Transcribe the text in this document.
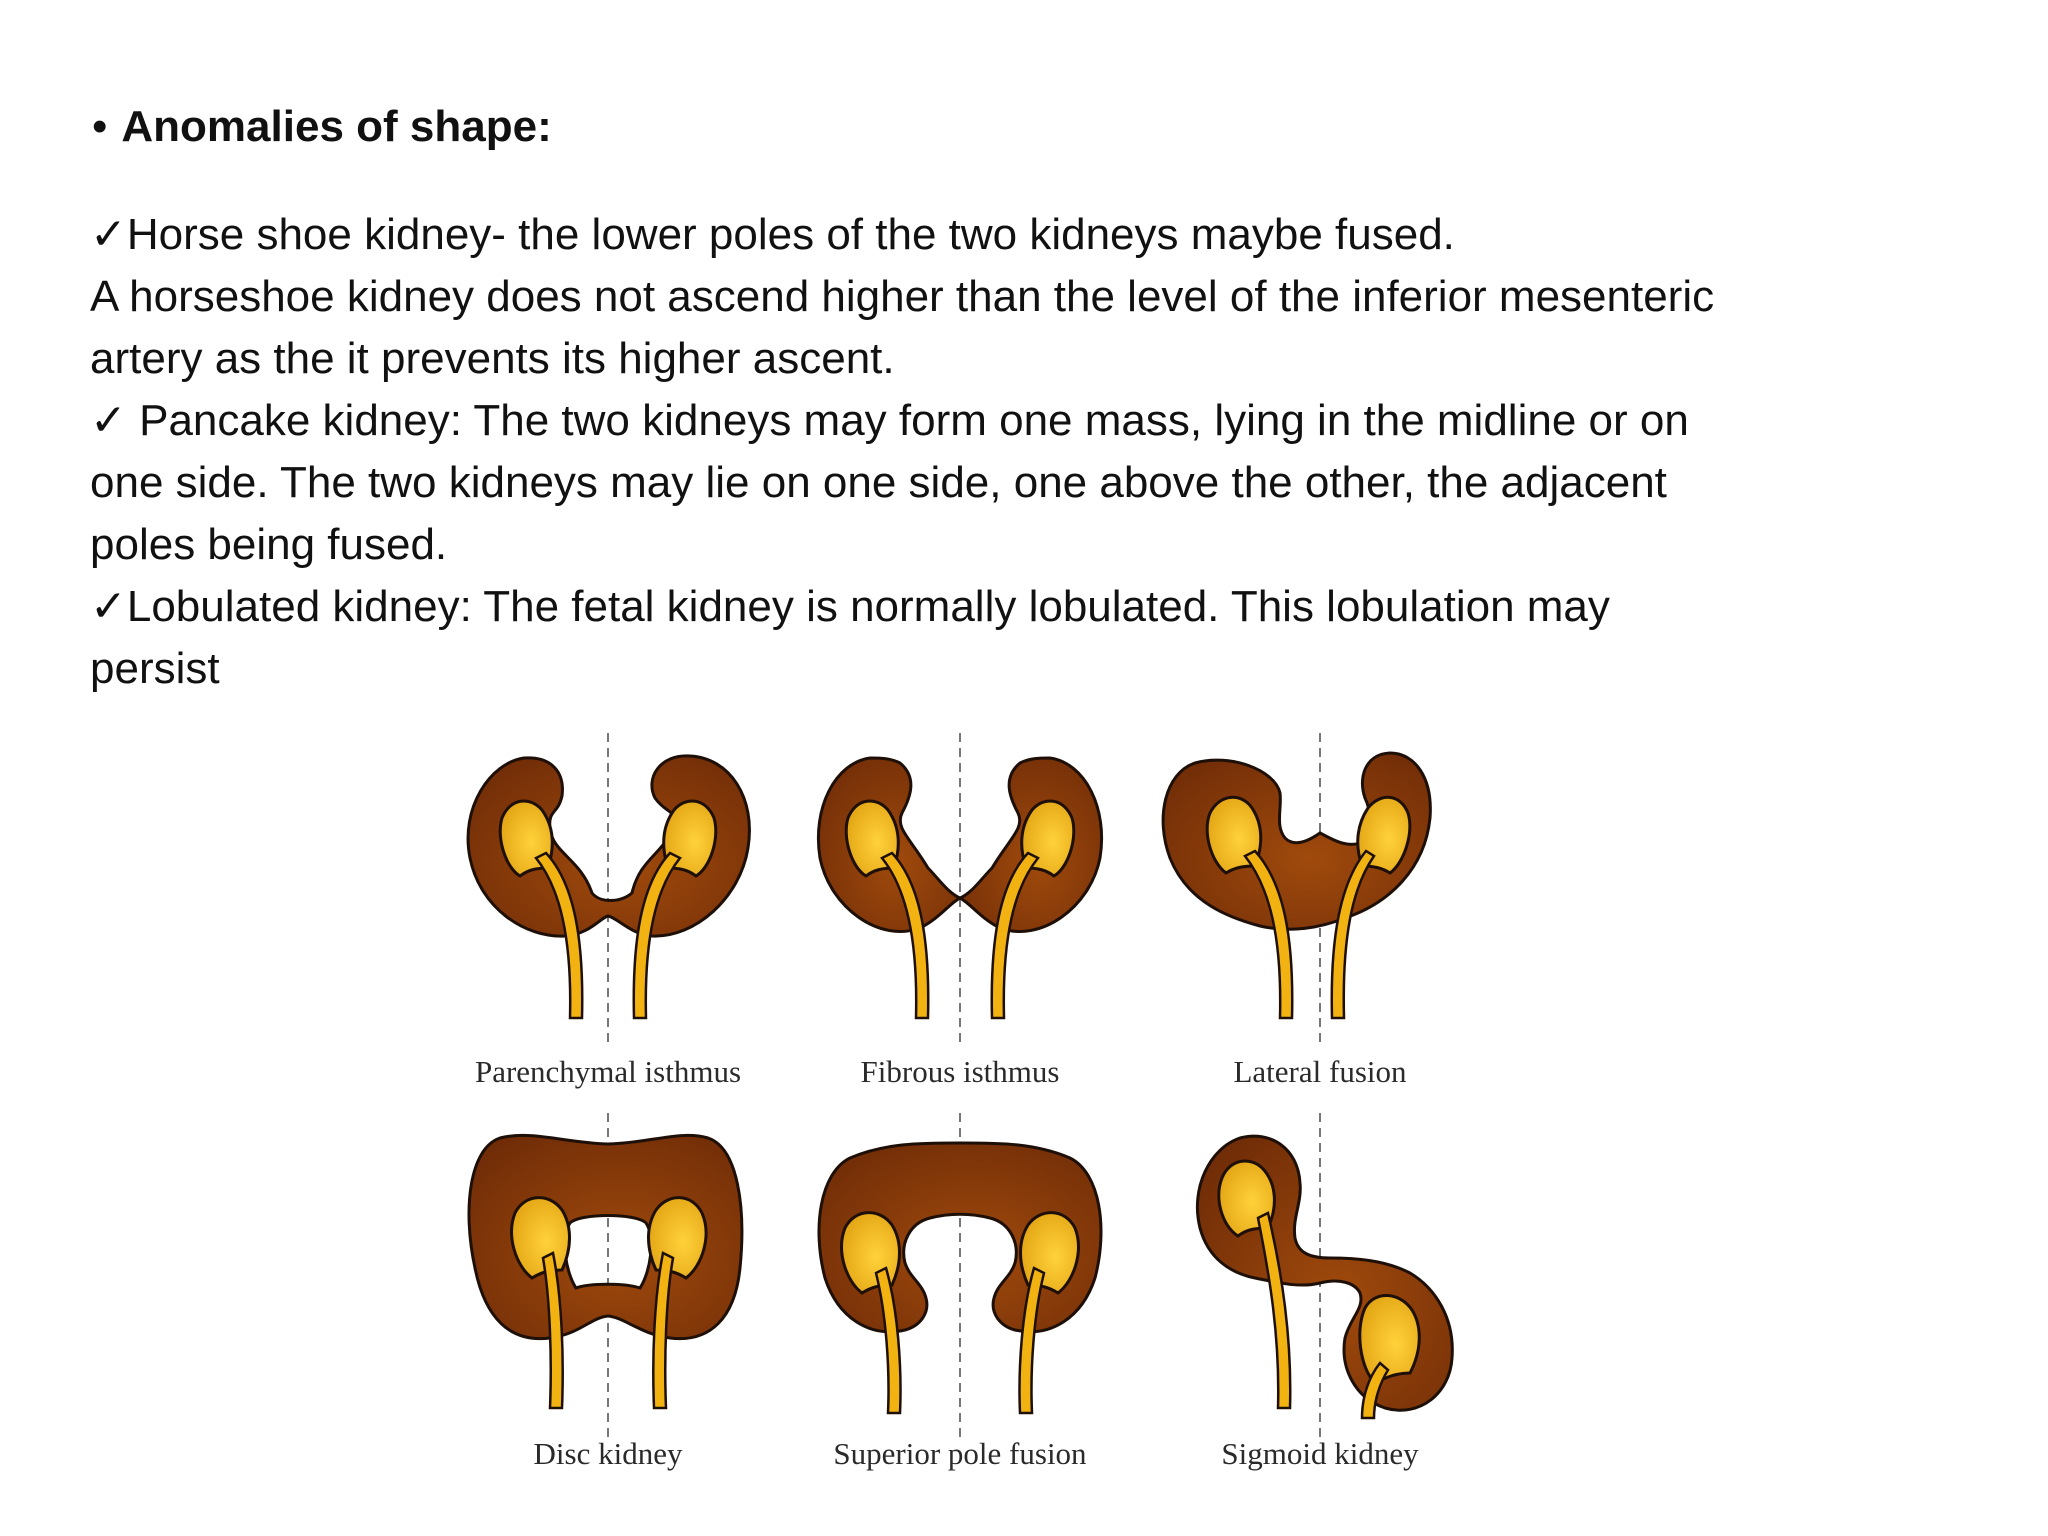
• Anomalies of shape:
✓Horse shoe kidney- the lower poles of the two kidneys maybe fused.
A horseshoe kidney does not ascend higher than the level of the inferior mesenteric
artery as the it prevents its higher ascent.
✓ Pancake kidney: The two kidneys may form one mass, lying in the midline or on
one side. The two kidneys may lie on one side, one above the other, the adjacent
poles being fused.
✓Lobulated kidney: The fetal kidney is normally lobulated. This lobulation may
persist
Parenchymal isthmus	Fibrous isthmus	Lateral fusion
Disc kidney	Superior pole fusion	Sigmoid kidney
